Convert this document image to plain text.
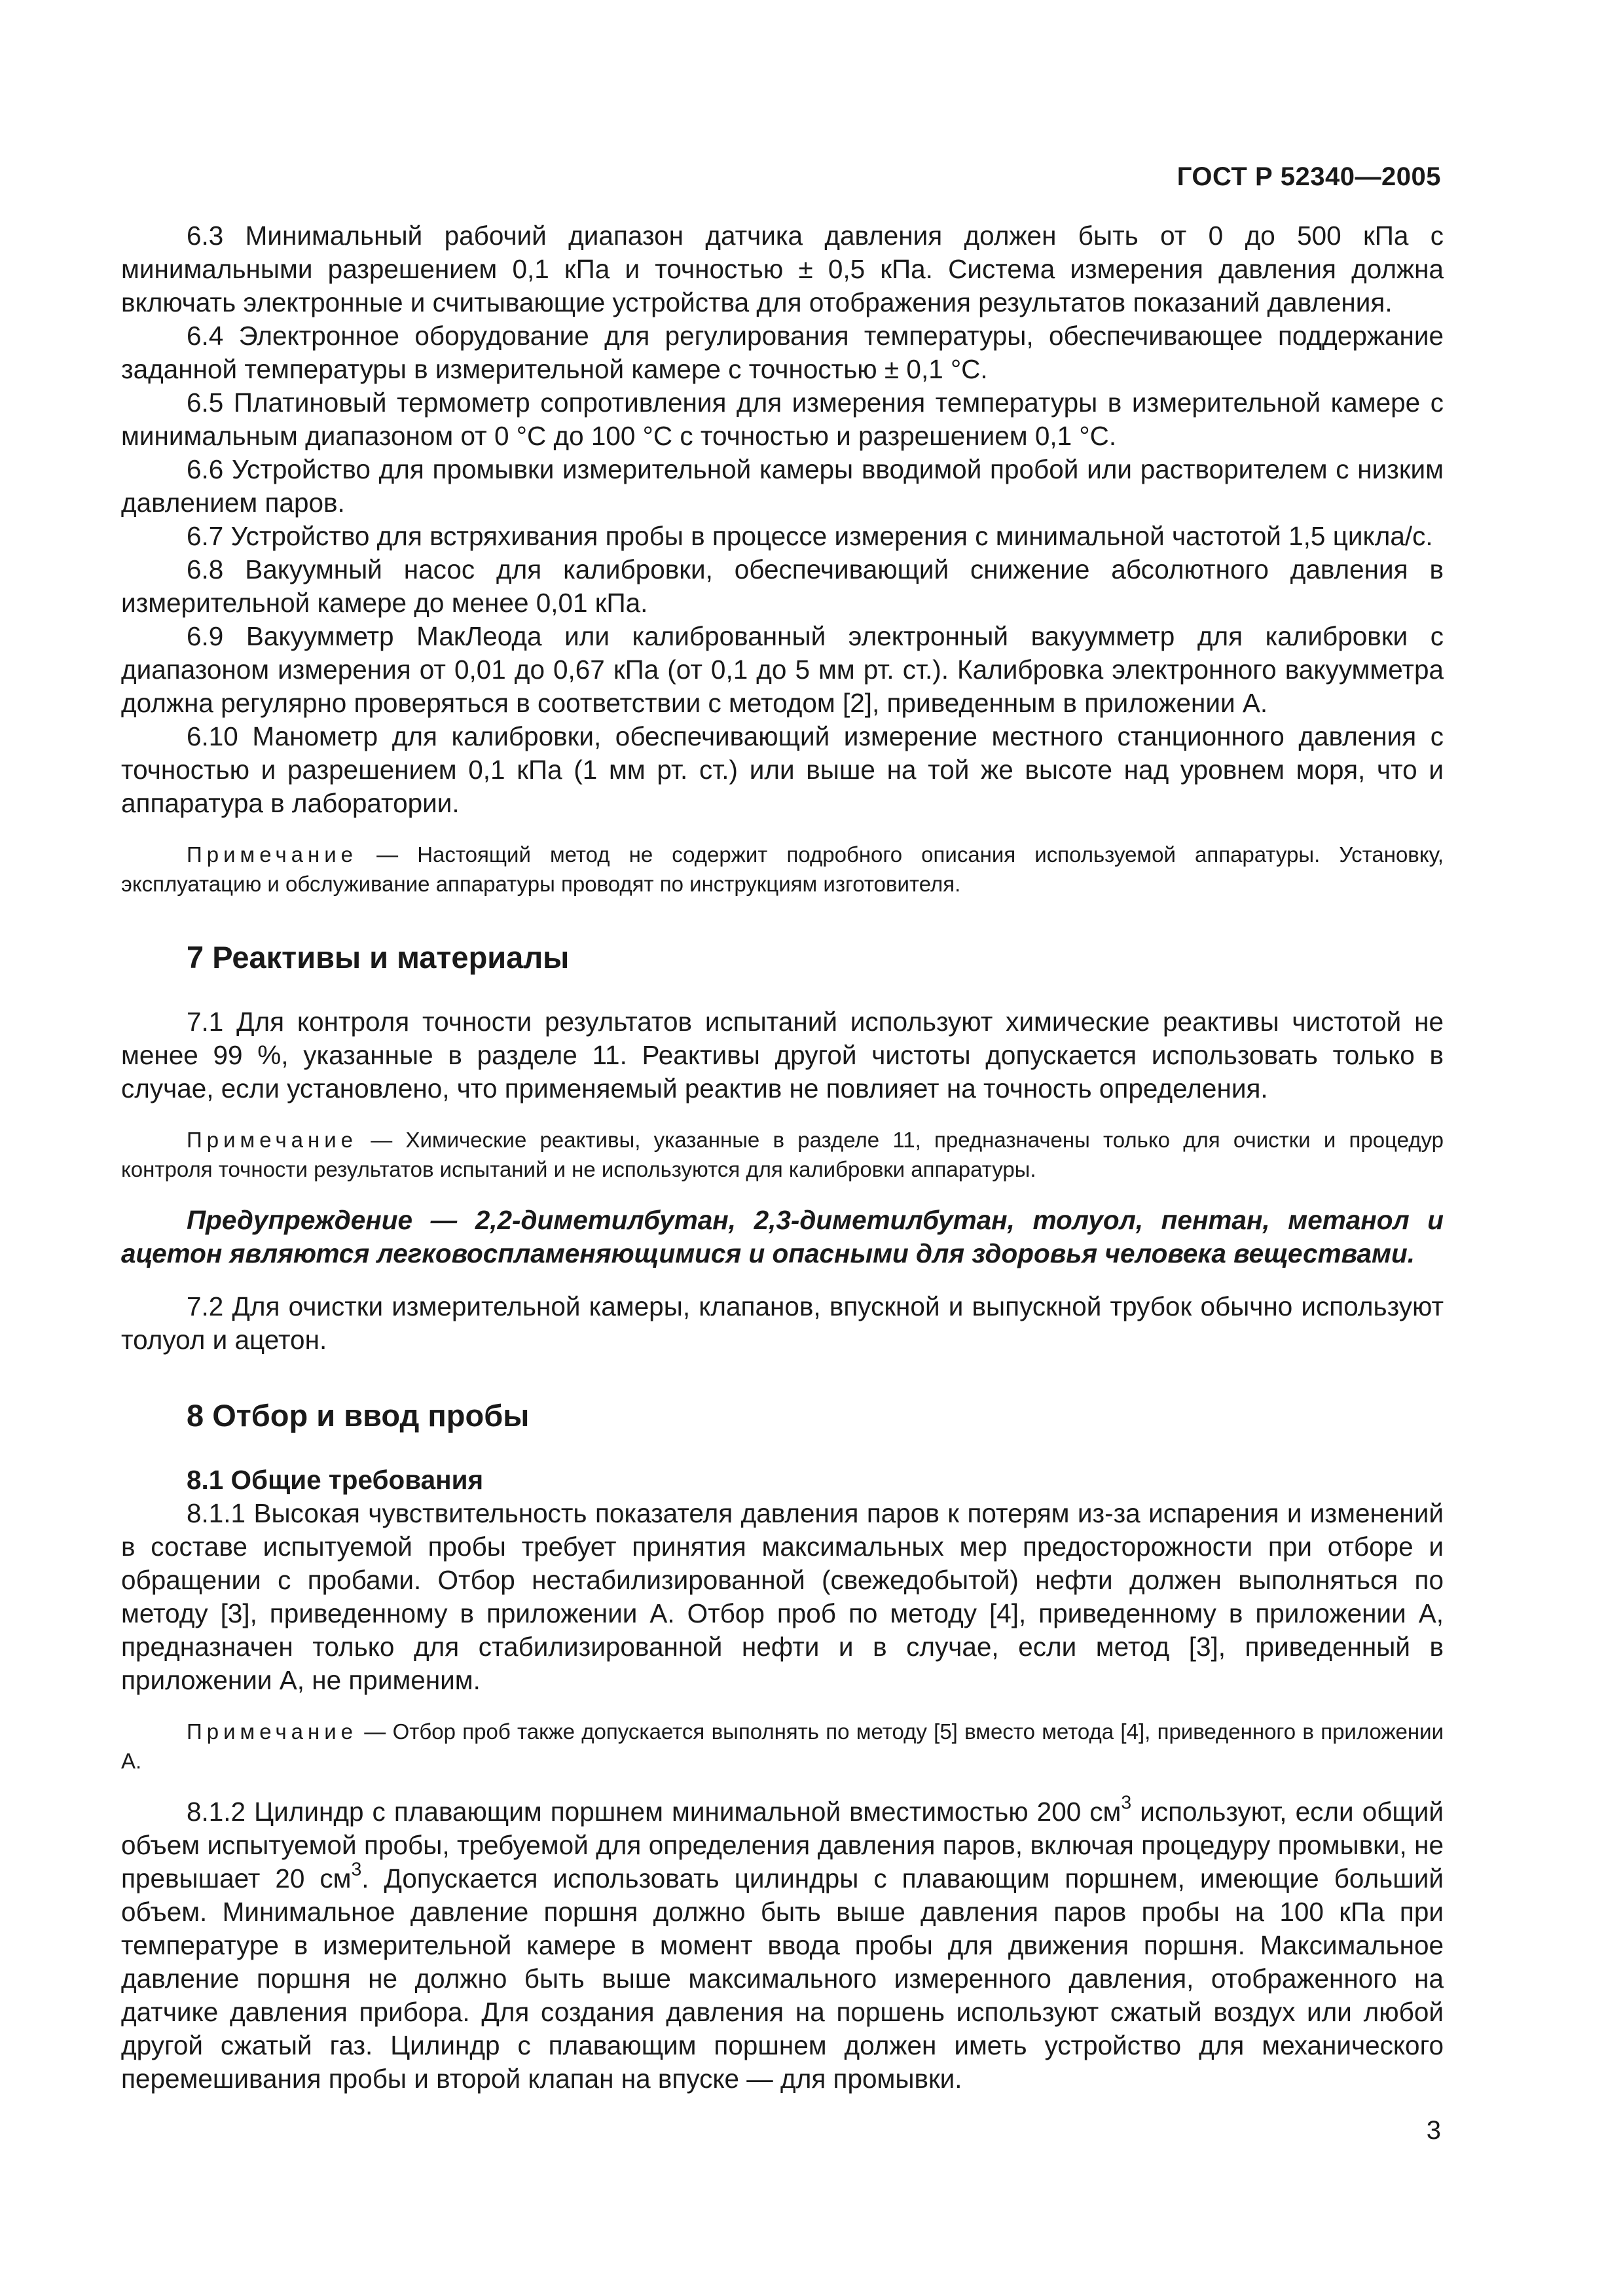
ГОСТ Р 52340—2005

6.3 Минимальный рабочий диапазон датчика давления должен быть от 0 до 500 кПа с минимальными разрешением 0,1 кПа и точностью ± 0,5 кПа. Система измерения давления должна включать электронные и считывающие устройства для отображения результатов показаний давления.

6.4 Электронное оборудование для регулирования температуры, обеспечивающее поддержание заданной температуры в измерительной камере с точностью ± 0,1 °С.

6.5 Платиновый термометр сопротивления для измерения температуры в измерительной камере с минимальным диапазоном от 0 °С до 100 °С с точностью и разрешением 0,1 °С.

6.6 Устройство для промывки измерительной камеры вводимой пробой или растворителем с низким давлением паров.

6.7 Устройство для встряхивания пробы в процессе измерения с минимальной частотой 1,5 цикла/с.

6.8 Вакуумный насос для калибровки, обеспечивающий снижение абсолютного давления в измерительной камере до менее 0,01 кПа.

6.9 Вакуумметр МакЛеода или калиброванный электронный вакуумметр для калибровки с диапазоном измерения от 0,01 до 0,67 кПа (от 0,1 до 5 мм рт. ст.). Калибровка электронного вакуумметра должна регулярно проверяться в соответствии с методом [2], приведенным в приложении А.

6.10 Манометр для калибровки, обеспечивающий измерение местного станционного давления с точностью и разрешением 0,1 кПа (1 мм рт. ст.) или выше на той же высоте над уровнем моря, что и аппаратура в лаборатории.

Примечание — Настоящий метод не содержит подробного описания используемой аппаратуры. Установку, эксплуатацию и обслуживание аппаратуры проводят по инструкциям изготовителя.

7 Реактивы и материалы

7.1 Для контроля точности результатов испытаний используют химические реактивы чистотой не менее 99 %, указанные в разделе 11. Реактивы другой чистоты допускается использовать только в случае, если установлено, что применяемый реактив не повлияет на точность определения.

Примечание — Химические реактивы, указанные в разделе 11, предназначены только для очистки и процедур контроля точности результатов испытаний и не используются для калибровки аппаратуры.

Предупреждение — 2,2-диметилбутан, 2,3-диметилбутан, толуол, пентан, метанол и ацетон являются легковоспламеняющимися и опасными для здоровья человека веществами.

7.2 Для очистки измерительной камеры, клапанов, впускной и выпускной трубок обычно используют толуол и ацетон.

8 Отбор и ввод пробы

8.1 Общие требования

8.1.1 Высокая чувствительность показателя давления паров к потерям из-за испарения и изменений в составе испытуемой пробы требует принятия максимальных мер предосторожности при отборе и обращении с пробами. Отбор нестабилизированной (свежедобытой) нефти должен выполняться по методу [3], приведенному в приложении А. Отбор проб по методу [4], приведенному в приложении А, предназначен только для стабилизированной нефти и в случае, если метод [3], приведенный в приложении А, не применим.

Примечание — Отбор проб также допускается выполнять по методу [5] вместо метода [4], приведенного в приложении А.

8.1.2 Цилиндр с плавающим поршнем минимальной вместимостью 200 $см^3$ используют, если общий объем испытуемой пробы, требуемой для определения давления паров, включая процедуру промывки, не превышает 20 $см^3$. Допускается использовать цилиндры с плавающим поршнем, имеющие больший объем. Минимальное давление поршня должно быть выше давления паров пробы на 100 кПа при температуре в измерительной камере в момент ввода пробы для движения поршня. Максимальное давление поршня не должно быть выше максимального измеренного давления, отображенного на датчике давления прибора. Для создания давления на поршень используют сжатый воздух или любой другой сжатый газ. Цилиндр с плавающим поршнем должен иметь устройство для механического перемешивания пробы и второй клапан на впуске — для промывки.

3
